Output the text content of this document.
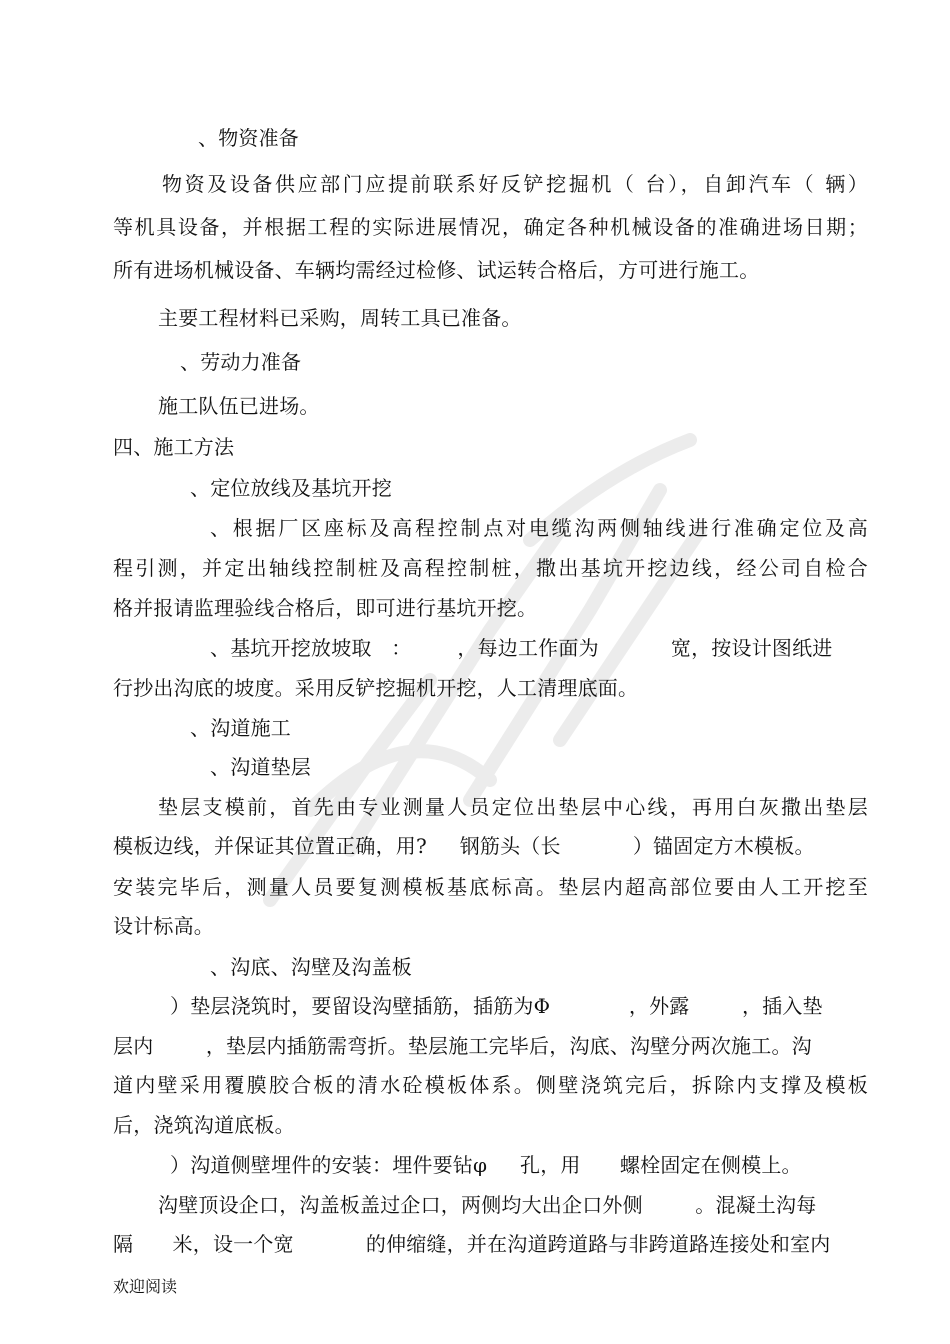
、物资准备
物资及设备供应部门应提前联系好反铲挖掘机（ 台），自卸汽车（ 辆）
等机具设备，并根据工程的实际进展情况，确定各种机械设备的准确进场日期；
所有进场机械设备、车辆均需经过检修、试运转合格后，方可进行施工。
主要工程材料已采购，周转工具已准备。
、劳动力准备
施工队伍已进场。
四、施工方法
、定位放线及基坑开挖
、根据厂区座标及高程控制点对电缆沟两侧轴线进行准确定位及高
程引测，并定出轴线控制桩及高程控制桩，撒出基坑开挖边线，经公司自检合
格并报请监理验线合格后，即可进行基坑开挖。
、基坑开挖放坡取   ：       ，每边工作面为           宽，按设计图纸进
行抄出沟底的坡度。采用反铲挖掘机开挖，人工清理底面。
、沟道施工
、沟道垫层
垫层支模前，首先由专业测量人员定位出垫层中心线，再用白灰撒出垫层
模板边线，并保证其位置正确，用?     钢筋头（长           ）锚固定方木模板。
安装完毕后，测量人员要复测模板基底标高。垫层内超高部位要由人工开挖至
设计标高。
、沟底、沟壁及沟盖板
）垫层浇筑时，要留设沟壁插筋，插筋为Φ            ，外露        ，插入垫
层内        ，垫层内插筋需弯折。垫层施工完毕后，沟底、沟壁分两次施工。沟
道内壁采用覆膜胶合板的清水砼模板体系。侧壁浇筑完后，拆除内支撑及模板
后，浇筑沟道底板。
）沟道侧壁埋件的安装：埋件要钻φ     孔，用      螺栓固定在侧模上。
沟壁顶设企口，沟盖板盖过企口，两侧均大出企口外侧        。混凝土沟每
隔      米，设一个宽           的伸缩缝，并在沟道跨道路与非跨道路连接处和室内
欢迎阅读
